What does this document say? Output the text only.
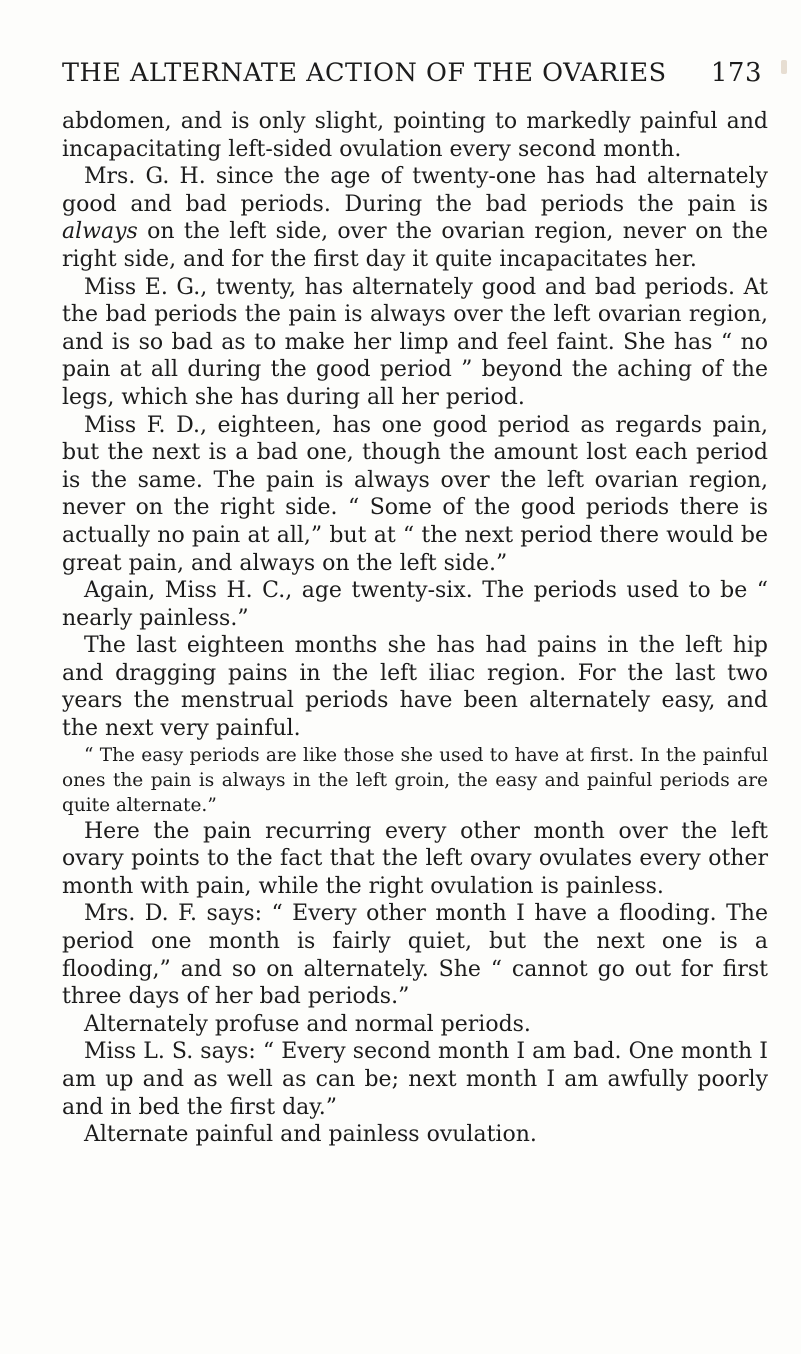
THE ALTERNATE ACTION OF THE OVARIES 173

abdomen, and is only slight, pointing to markedly painful and incapacitating left-sided ovulation every second month.

Mrs. G. H. since the age of twenty-one has had alternately good and bad periods. During the bad periods the pain is always on the left side, over the ovarian region, never on the right side, and for the first day it quite incapacitates her.

Miss E. G., twenty, has alternately good and bad periods. At the bad periods the pain is always over the left ovarian region, and is so bad as to make her limp and feel faint. She has “ no pain at all during the good period ” beyond the aching of the legs, which she has during all her period.

Miss F. D., eighteen, has one good period as regards pain, but the next is a bad one, though the amount lost each period is the same. The pain is always over the left ovarian region, never on the right side. “ Some of the good periods there is actually no pain at all,” but at “ the next period there would be great pain, and always on the left side.”

Again, Miss H. C., age twenty-six. The periods used to be “ nearly painless.”

The last eighteen months she has had pains in the left hip and dragging pains in the left iliac region. For the last two years the menstrual periods have been alternately easy, and the next very painful.

“ The easy periods are like those she used to have at first. In the painful ones the pain is always in the left groin, the easy and painful periods are quite alternate.”

Here the pain recurring every other month over the left ovary points to the fact that the left ovary ovulates every other month with pain, while the right ovulation is painless.

Mrs. D. F. says: “ Every other month I have a flooding. The period one month is fairly quiet, but the next one is a flooding,” and so on alternately. She “ cannot go out for first three days of her bad periods.”

Alternately profuse and normal periods.

Miss L. S. says: “ Every second month I am bad. One month I am up and as well as can be; next month I am awfully poorly and in bed the first day.”

Alternate painful and painless ovulation.
